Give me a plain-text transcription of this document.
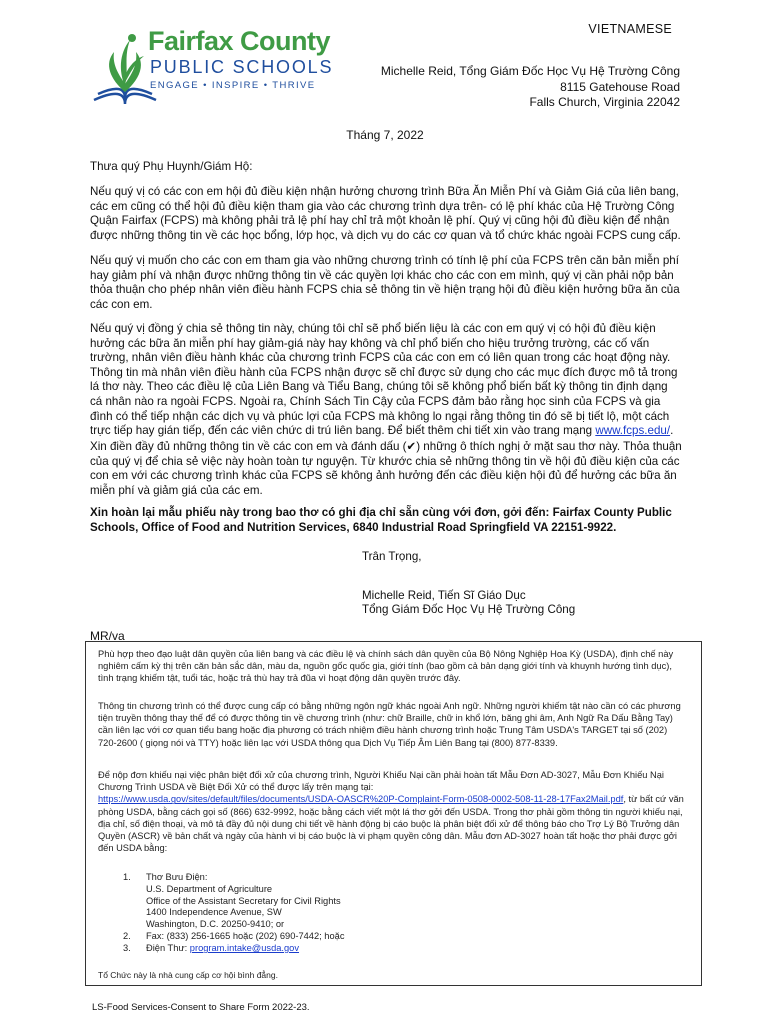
VIETNAMESE
Fairfax County
PUBLIC SCHOOLS
ENGAGE • INSPIRE • THRIVE
Michelle Reid, Tổng Giám Đốc Học Vụ Hệ Trường Công
8115 Gatehouse Road
Falls Church, Virginia 22042
Tháng 7, 2022

Thưa quý Phụ Huynh/Giám Hộ:

Nếu quý vị có các con em hội đủ điều kiện nhận hưởng chương trình Bữa Ăn Miễn Phí và Giảm Giá của liên bang, các em cũng có thể hội đủ điều kiện tham gia vào các chương trình dựa trên- có lệ phí khác của Hệ Trường Công Quận Fairfax (FCPS) mà không phải trả lệ phí hay chỉ trả một khoản lệ phí. Quý vị cũng hội đủ điều kiện để nhận được những thông tin về các học bổng, lớp học, và dịch vụ do các cơ quan và tổ chức khác ngoài FCPS cung cấp.

Nếu quý vị muốn cho các con em tham gia vào những chương trình có tính lệ phí của FCPS trên căn bản miễn phí hay giảm phí và nhận được những thông tin về các quyền lợi khác cho các con em mình, quý vị cần phải nộp bản thỏa thuận cho phép nhân viên điều hành FCPS chia sẻ thông tin về hiện trạng hội đủ điều kiện hưởng bữa ăn của các con em.

Nếu quý vị đồng ý chia sẻ thông tin này, chúng tôi chỉ sẽ phổ biến liệu là các con em quý vị có hội đủ điều kiện hưởng các bữa ăn miễn phí hay giảm-giá này hay không và chỉ phổ biến cho hiệu trưởng trường, các cố vấn trường, nhân viên điều hành khác của chương trình FCPS của các con em có liên quan trong các hoạt động này. Thông tin mà nhân viên điều hành của FCPS nhận được sẽ chỉ được sử dụng cho các mục đích được mô tả trong lá thơ này. Theo các điều lệ của Liên Bang và Tiểu Bang, chúng tôi sẽ không phổ biến bất kỳ thông tin định dạng cá nhân nào ra ngoài FCPS. Ngoài ra, Chính Sách Tin Cậy của FCPS đảm bảo rằng học sinh của FCPS và gia đình có thể tiếp nhận các dịch vụ và phúc lợi của FCPS mà không lo ngại rằng thông tin đó sẽ bị tiết lộ, một cách trực tiếp hay gián tiếp, đến các viên chức di trú liên bang. Để biết thêm chi tiết xin vào trang mạng www.fcps.edu/.

Xin điền đầy đủ những thông tin về các con em và đánh dấu (✔) những ô thích nghị ở mặt sau thơ này. Thỏa thuận của quý vị để chia sẻ việc này hoàn toàn tự nguyện. Từ khước chia sẻ những thông tin về hội đủ điều kiện của các con em với các chương trình khác của FCPS sẽ không ảnh hưởng đến các điều kiện hội đủ để hưởng các bữa ăn miễn phí và giảm giá của các em.

Xin hoàn lại mẫu phiếu này trong bao thơ có ghi địa chỉ sẵn cùng với đơn, gởi đến: Fairfax County Public Schools, Office of Food and Nutrition Services, 6840 Industrial Road Springfield VA 22151-9922.

Trân Trọng,
Michelle Reid, Tiến Sĩ Giáo Dục
Tổng Giám Đốc Học Vụ Hệ Trường Công
MR/va

Phù hợp theo đạo luật dân quyền của liên bang và các điều lệ và chính sách dân quyền của Bộ Nông Nghiệp Hoa Kỳ (USDA), định chế này nghiêm cấm kỳ thị trên căn bản sắc dân, màu da, nguồn gốc quốc gia, giới tính (bao gồm cả bản dạng giới tính và khuynh hướng tình dục), tình trạng khiếm tật, tuổi tác, hoặc trả thù hay trả đũa vì hoạt động dân quyền trước đây.

Thông tin chương trình có thể được cung cấp có bằng những ngôn ngữ khác ngoài Anh ngữ. Những người khiếm tật nào cần có các phương tiện truyền thông thay thế để có được thông tin về chương trình (như: chữ Braille, chữ in khổ lớn, băng ghi âm, Anh Ngữ Ra Dấu Bằng Tay) cần liên lạc với cơ quan tiểu bang hoặc địa phương có trách nhiệm điều hành chương trình hoặc Trung Tâm USDA's TARGET tại số (202) 720-2600 ( giọng nói và TTY) hoặc liên lạc với USDA thông qua Dịch Vụ Tiếp Âm Liên Bang tại (800) 877-8339.

Để nộp đơn khiếu nại việc phân biệt đối xử của chương trình, Người Khiếu Nại cần phải hoàn tất Mẫu Đơn AD-3027, Mẫu Đơn Khiếu Nại Chương Trình USDA về Biệt Đối Xử có thể được lấy trên mạng tại:
https://www.usda.gov/sites/default/files/documents/USDA-OASCR%20P-Complaint-Form-0508-0002-508-11-28-17Fax2Mail.pdf, từ bất cứ văn phòng USDA, bằng cách gọi số (866) 632-9992, hoặc bằng cách viết một lá thơ gởi đến USDA. Trong thơ phải gồm thông tin người khiếu nại, địa chỉ, số điện thoại, và mô tả đầy đủ nội dung chi tiết về hành động bị cáo buộc là phân biệt đối xử để thông báo cho Trợ Lý Bộ Trưởng dân Quyền (ASCR) về bản chất và ngày của hành vi bị cáo buộc là vi phạm quyền công dân. Mẫu đơn AD-3027 hoàn tất hoặc thơ phải được gởi đến USDA bằng:

1.	Thơ Bưu Điện:
U.S. Department of Agriculture
Office of the Assistant Secretary for Civil Rights
1400 Independence Avenue, SW
Washington, D.C. 20250-9410; or
2.	Fax: (833) 256-1665 hoặc (202) 690-7442; hoặc
3.	Điện Thư: program.intake@usda.gov

Tổ Chức này là nhà cung cấp cơ hội bình đẳng.

LS-Food Services-Consent to Share Form 2022-23.
